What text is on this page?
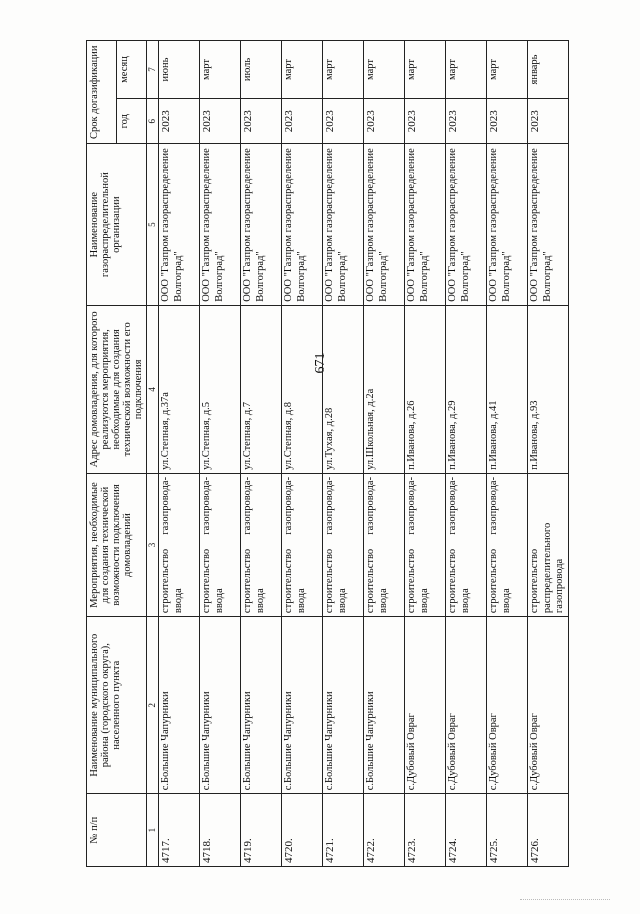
671
№ п/п	Наименование муниципального района (городского округа), населенного пункта	Мероприятия, необходимые для создания технической возможности подключения домовладений	Адрес домовладения, для которого реализуются мероприятия, необходимые для создания технической возможности его подключения	Наименование газораспределительной организации	Срок догазификации	
					год	месяц
1	2	3	4	5	6	7
4717.	с.Большие Чапурники	строительство газопровода-ввода	ул.Степная, д.37а	ООО "Газпром газораспределение Волгоград"	2023	июнь
4718.	с.Большие Чапурники	строительство газопровода-ввода	ул.Степная, д.5	ООО "Газпром газораспределение Волгоград"	2023	март
4719.	с.Большие Чапурники	строительство газопровода-ввода	ул.Степная, д.7	ООО "Газпром газораспределение Волгоград"	2023	июль
4720.	с.Большие Чапурники	строительство газопровода-ввода	ул.Степная, д.8	ООО "Газпром газораспределение Волгоград"	2023	март
4721.	с.Большие Чапурники	строительство газопровода-ввода	ул.Тухая, д.28	ООО "Газпром газораспределение Волгоград"	2023	март
4722.	с.Большие Чапурники	строительство газопровода-ввода	ул.Школьная, д.2а	ООО "Газпром газораспределение Волгоград"	2023	март
4723.	с.Дубовый Овраг	строительство газопровода-ввода	п.Иванова, д.26	ООО "Газпром газораспределение Волгоград"	2023	март
4724.	с.Дубовый Овраг	строительство газопровода-ввода	п.Иванова, д.29	ООО "Газпром газораспределение Волгоград"	2023	март
4725.	с.Дубовый Овраг	строительство газопровода-ввода	п.Иванова, д.41	ООО "Газпром газораспределение Волгоград"	2023	март
4726.	с.Дубовый Овраг	строительство распределительного газопровода	п.Иванова, д.93	ООО "Газпром газораспределение Волгоград"	2023	январь
